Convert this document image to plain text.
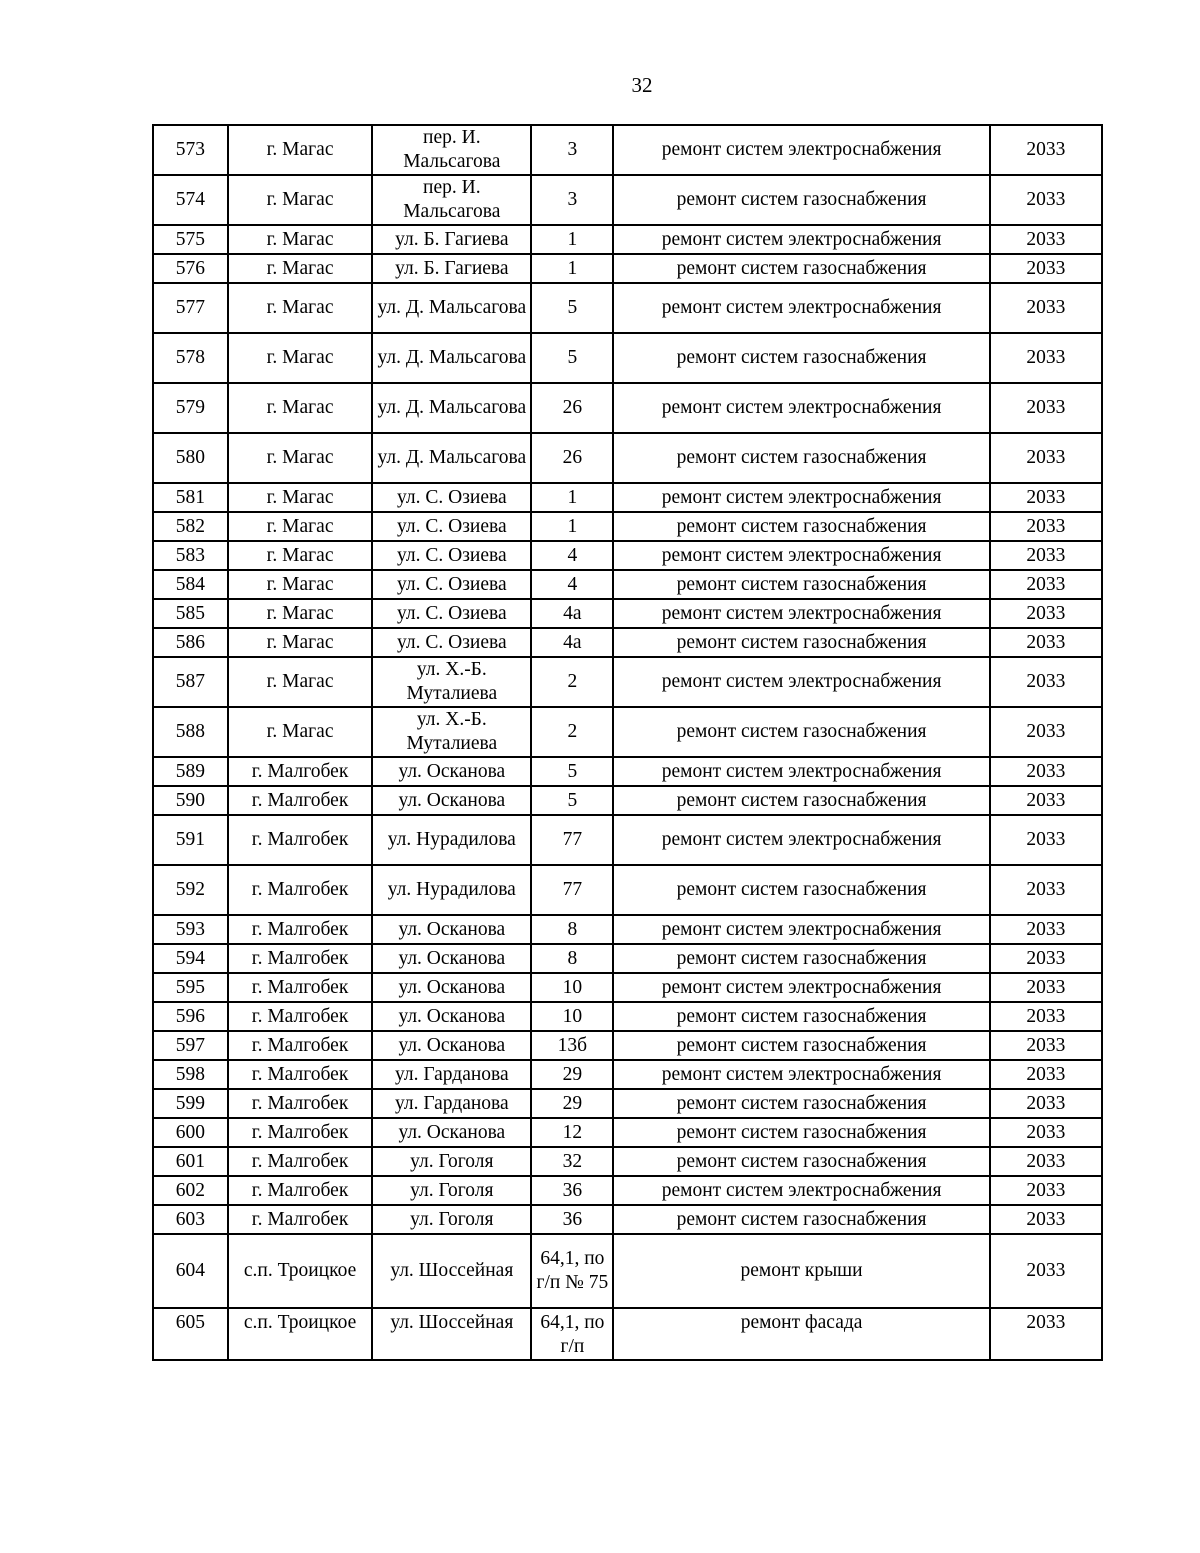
32
573	г. Магас	пер. И. Мальсагова	3	ремонт систем электроснабжения	2033
574	г. Магас	пер. И. Мальсагова	3	ремонт систем газоснабжения	2033
575	г. Магас	ул. Б. Гагиева	1	ремонт систем электроснабжения	2033
576	г. Магас	ул. Б. Гагиева	1	ремонт систем газоснабжения	2033
577	г. Магас	ул. Д. Мальсагова	5	ремонт систем электроснабжения	2033
578	г. Магас	ул. Д. Мальсагова	5	ремонт систем газоснабжения	2033
579	г. Магас	ул. Д. Мальсагова	26	ремонт систем электроснабжения	2033
580	г. Магас	ул. Д. Мальсагова	26	ремонт систем газоснабжения	2033
581	г. Магас	ул. С. Озиева	1	ремонт систем электроснабжения	2033
582	г. Магас	ул. С. Озиева	1	ремонт систем газоснабжения	2033
583	г. Магас	ул. С. Озиева	4	ремонт систем электроснабжения	2033
584	г. Магас	ул. С. Озиева	4	ремонт систем газоснабжения	2033
585	г. Магас	ул. С. Озиева	4а	ремонт систем электроснабжения	2033
586	г. Магас	ул. С. Озиева	4а	ремонт систем газоснабжения	2033
587	г. Магас	ул. Х.-Б. Муталиева	2	ремонт систем электроснабжения	2033
588	г. Магас	ул. Х.-Б. Муталиева	2	ремонт систем газоснабжения	2033
589	г. Малгобек	ул. Осканова	5	ремонт систем электроснабжения	2033
590	г. Малгобек	ул. Осканова	5	ремонт систем газоснабжения	2033
591	г. Малгобек	ул. Нурадилова	77	ремонт систем электроснабжения	2033
592	г. Малгобек	ул. Нурадилова	77	ремонт систем газоснабжения	2033
593	г. Малгобек	ул. Осканова	8	ремонт систем электроснабжения	2033
594	г. Малгобек	ул. Осканова	8	ремонт систем газоснабжения	2033
595	г. Малгобек	ул. Осканова	10	ремонт систем электроснабжения	2033
596	г. Малгобек	ул. Осканова	10	ремонт систем газоснабжения	2033
597	г. Малгобек	ул. Осканова	13б	ремонт систем газоснабжения	2033
598	г. Малгобек	ул. Гарданова	29	ремонт систем электроснабжения	2033
599	г. Малгобек	ул. Гарданова	29	ремонт систем газоснабжения	2033
600	г. Малгобек	ул. Осканова	12	ремонт систем газоснабжения	2033
601	г. Малгобек	ул. Гоголя	32	ремонт систем газоснабжения	2033
602	г. Малгобек	ул. Гоголя	36	ремонт систем электроснабжения	2033
603	г. Малгобек	ул. Гоголя	36	ремонт систем газоснабжения	2033
604	с.п. Троицкое	ул. Шоссейная	64,1, по г/п № 75	ремонт крыши	2033
605	с.п. Троицкое	ул. Шоссейная	64,1, по г/п	ремонт фасада	2033
